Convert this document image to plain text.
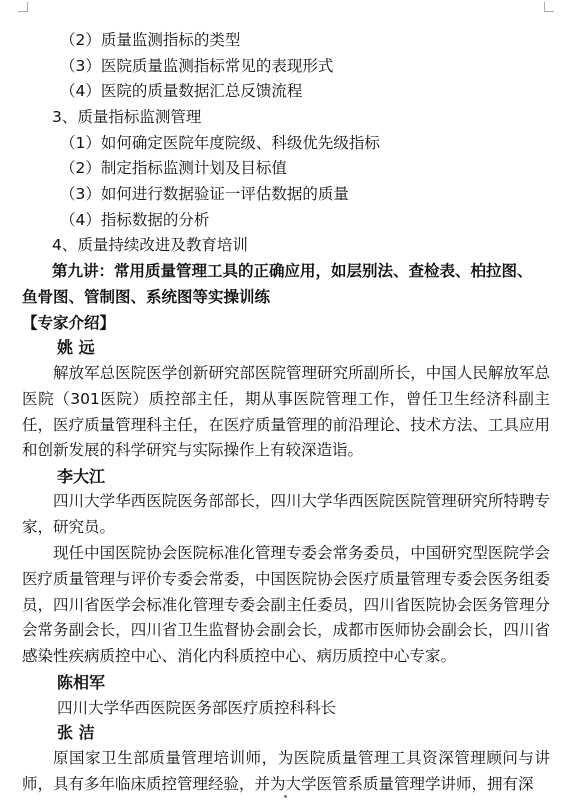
（2）质量监测指标的类型
（3）医院质量监测指标常见的表现形式
（4）医院的质量数据汇总反馈流程
3、质量指标监测管理
（1）如何确定医院年度院级、科级优先级指标
（2）制定指标监测计划及目标值
（3）如何进行数据验证一评估数据的质量
（4）指标数据的分析
4、质量持续改进及教育培训
第九讲：常用质量管理工具的正确应用，如层别法、查检表、柏拉图、
鱼骨图、管制图、系统图等实操训练
【专家介绍】
姚 远
解放军总医院医学创新研究部医院管理研究所副所长，中国人民解放军总医院（301医院）质控部主任，期从事医院管理工作，曾任卫生经济科副主任，医疗质量管理科主任，在医疗质量管理的前沿理论、技术方法、工具应用和创新发展的科学研究与实际操作上有较深造诣。
李大江
四川大学华西医院医务部部长，四川大学华西医院医院管理研究所特聘专家，研究员。
现任中国医院协会医院标准化管理专委会常务委员，中国研究型医院学会医疗质量管理与评价专委会常委，中国医院协会医疗质量管理专委会医务组委员，四川省医学会标准化管理专委会副主任委员，四川省医院协会医务管理分会常务副会长，四川省卫生监督协会副会长，成都市医师协会副会长，四川省感染性疾病质控中心、消化内科质控中心、病历质控中心专家。
陈相军
四川大学华西医院医务部医疗质控科科长
张 洁
原国家卫生部质量管理培训师，为医院质量管理工具资深管理顾问与讲师，具有多年临床质控管理经验，并为大学医管系质量管理学讲师，拥有深
